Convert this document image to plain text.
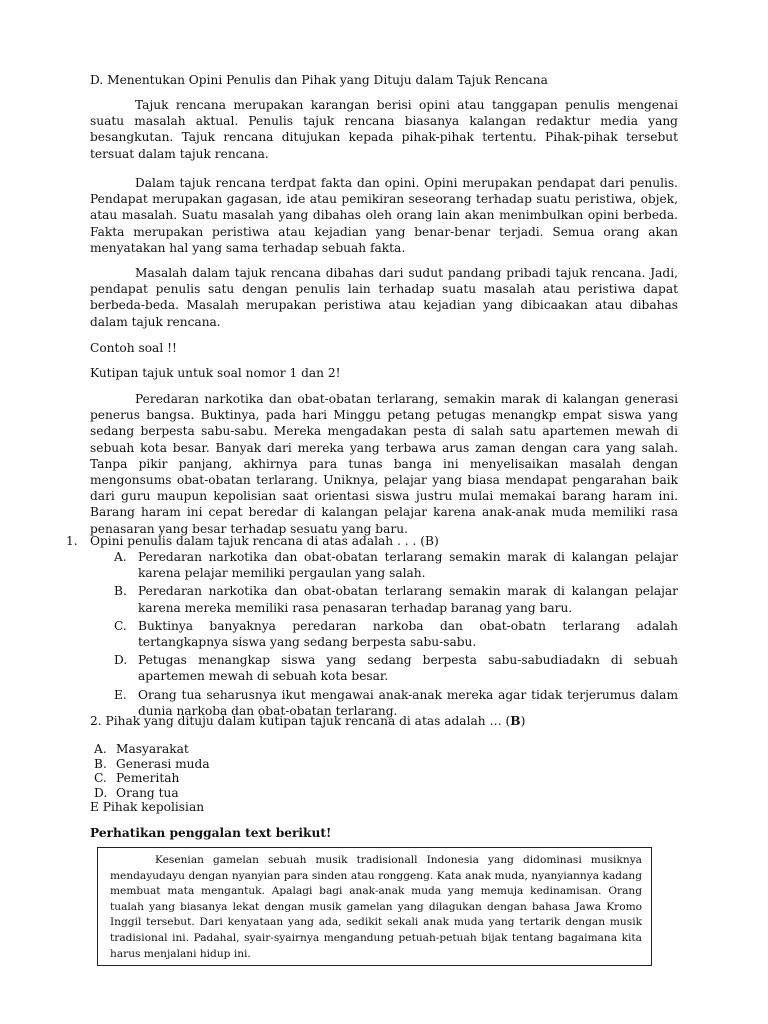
D. Menentukan Opini Penulis dan Pihak yang Dituju dalam Tajuk Rencana
Tajuk rencana merupakan karangan berisi opini atau tanggapan penulis mengenai suatu masalah aktual. Penulis tajuk rencana biasanya kalangan redaktur media yang besangkutan. Tajuk rencana ditujukan kepada pihak-pihak tertentu. Pihak-pihak tersebut tersuat dalam tajuk rencana.
Dalam tajuk rencana terdpat fakta dan opini. Opini merupakan pendapat dari penulis. Pendapat merupakan gagasan, ide atau pemikiran seseorang terhadap suatu peristiwa, objek, atau masalah. Suatu masalah yang dibahas oleh orang lain akan menimbulkan opini berbeda. Fakta merupakan peristiwa atau kejadian yang benar-benar terjadi. Semua orang akan menyatakan hal yang sama terhadap sebuah fakta.
Masalah dalam tajuk rencana dibahas dari sudut pandang pribadi tajuk rencana. Jadi, pendapat penulis satu dengan penulis lain terhadap suatu masalah atau peristiwa dapat berbeda-beda. Masalah merupakan peristiwa atau kejadian yang dibicaakan atau dibahas dalam tajuk rencana.
Contoh soal !!
Kutipan tajuk untuk soal nomor 1 dan 2!
Peredaran narkotika dan obat-obatan terlarang, semakin marak di kalangan generasi penerus bangsa. Buktinya, pada hari Minggu petang petugas menangkp empat siswa yang sedang berpesta sabu-sabu. Mereka mengadakan pesta di salah satu apartemen mewah di sebuah kota besar. Banyak dari mereka yang terbawa arus zaman dengan cara yang salah. Tanpa pikir panjang, akhirnya para tunas banga ini menyelisaikan masalah dengan mengonsums obat-obatan terlarang. Uniknya, pelajar yang biasa mendapat pengarahan baik dari guru maupun kepolisian saat orientasi siswa justru mulai memakai barang haram ini. Barang haram ini cepat beredar di kalangan pelajar karena anak-anak muda memiliki rasa penasaran yang besar terhadap sesuatu yang baru.
1. Opini penulis dalam tajuk rencana di atas adalah . . . (B)
A. Peredaran narkotika dan obat-obatan terlarang semakin marak di kalangan pelajar karena pelajar memiliki pergaulan yang salah.
B. Peredaran narkotika dan obat-obatan terlarang semakin marak di kalangan pelajar karena mereka memiliki rasa penasaran terhadap baranag yang baru.
C. Buktinya banyaknya peredaran narkoba dan obat-obatn terlarang adalah tertangkapnya siswa yang sedang berpesta sabu-sabu.
D. Petugas menangkap siswa yang sedang berpesta sabu-sabudiadakn di sebuah apartemen mewah di sebuah kota besar.
E. Orang tua seharusnya ikut mengawai anak-anak mereka agar tidak terjerumus dalam dunia narkoba dan obat-obatan terlarang.
2. Pihak yang dituju dalam kutipan tajuk rencana di atas adalah … (B)
A. Masyarakat
B. Generasi muda
C. Pemeritah
D. Orang tua
E Pihak kepolisian
Perhatikan penggalan text berikut!
Kesenian gamelan sebuah musik tradisionall Indonesia yang didominasi musiknya mendayudayu dengan nyanyian para sinden atau ronggeng. Kata anak muda, nyanyiannya kadang membuat mata mengantuk. Apalagi bagi anak-anak muda yang memuja kedinamisan. Orang tualah yang biasanya lekat dengan musik gamelan yang dilagukan dengan bahasa Jawa Kromo Inggil tersebut. Dari kenyataan yang ada, sedikit sekali anak muda yang tertarik dengan musik tradisional ini. Padahal, syair-syairnya mengandung petuah-petuah bijak tentang bagaimana kita harus menjalani hidup ini.
